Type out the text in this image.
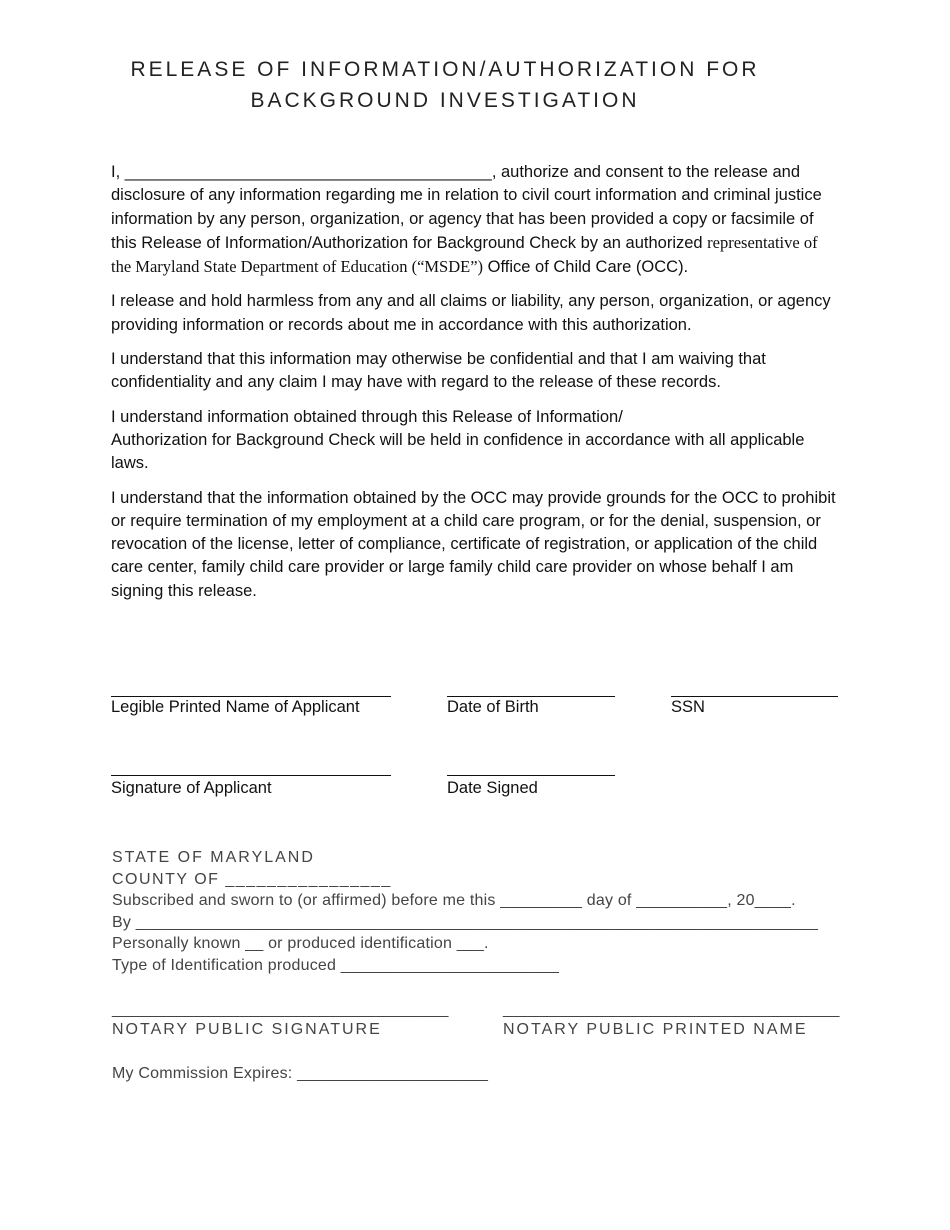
RELEASE OF INFORMATION/AUTHORIZATION FOR
BACKGROUND INVESTIGATION

I, ________________________________________, authorize and consent to the release and disclosure of any information regarding me in relation to civil court information and criminal justice information by any person, organization, or agency that has been provided a copy or facsimile of this Release of Information/Authorization for Background Check by an authorized representative of the Maryland State Department of Education (“MSDE”) Office of Child Care (OCC).

I release and hold harmless from any and all claims or liability, any person, organization, or agency providing information or records about me in accordance with this authorization.

I understand that this information may otherwise be confidential and that I am waiving that confidentiality and any claim I may have with regard to the release of these records.

I understand information obtained through this Release of Information/
Authorization for Background Check will be held in confidence in accordance with all applicable laws.

I understand that the information obtained by the OCC may provide grounds for the OCC to prohibit or require termination of my employment at a child care program, or for the denial, suspension, or revocation of the license, letter of compliance, certificate of registration, or application of the child care center, family child care provider or large family child care provider on whose behalf I am signing this release.

Legible Printed Name of Applicant	Date of Birth	SSN
Signature of Applicant	Date Signed
STATE OF MARYLAND
COUNTY OF ________________
Subscribed and sworn to (or affirmed) before me this _________ day of __________, 20____.
By ___________________________________________________________________________
Personally known __ or produced identification ___.
Type of Identification produced ________________________
_____________________________________	_____________________________________
NOTARY PUBLIC SIGNATURE	NOTARY PUBLIC PRINTED NAME
My Commission Expires: _____________________
